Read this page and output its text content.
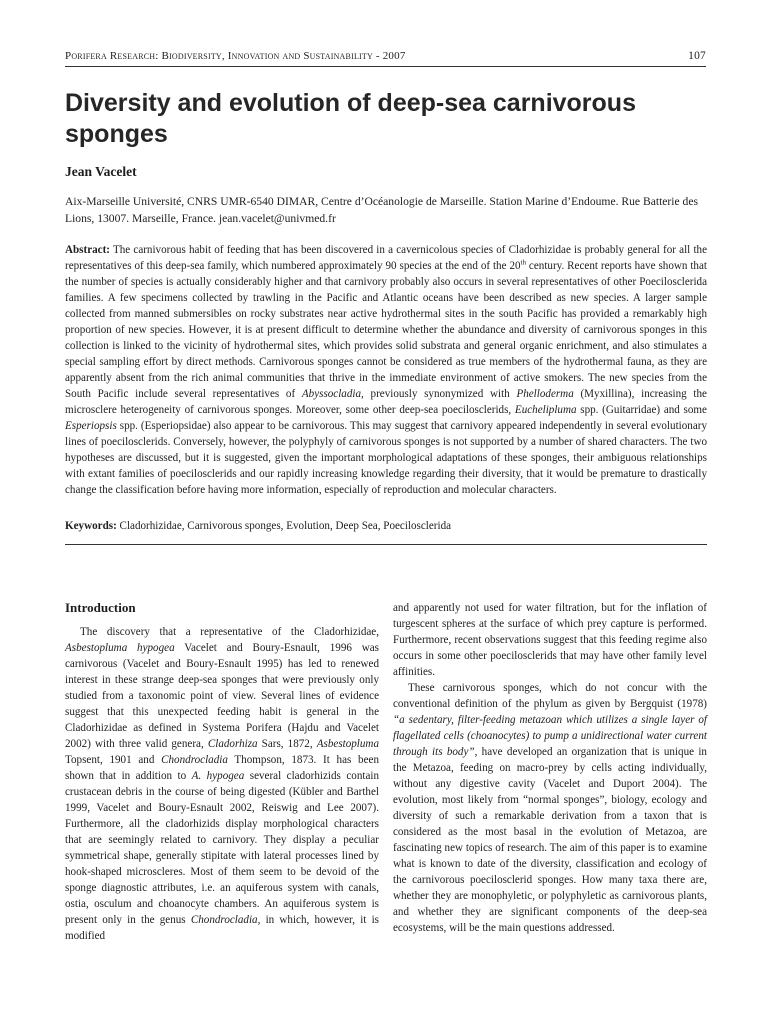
Porifera Research: Biodiversity, Innovation and Sustainability - 2007	107
Diversity and evolution of deep-sea carnivorous sponges

Jean Vacelet

Aix-Marseille Université, CNRS UMR-6540 DIMAR, Centre d’Océanologie de Marseille. Station Marine d’Endoume. Rue Batterie des Lions, 13007. Marseille, France. jean.vacelet@univmed.fr

Abstract: The carnivorous habit of feeding that has been discovered in a cavernicolous species of Cladorhizidae is probably general for all the representatives of this deep-sea family, which numbered approximately 90 species at the end of the 20th century. Recent reports have shown that the number of species is actually considerably higher and that carnivory probably also occurs in several representatives of other Poecilosclerida families. A few specimens collected by trawling in the Pacific and Atlantic oceans have been described as new species. A larger sample collected from manned submersibles on rocky substrates near active hydrothermal sites in the south Pacific has provided a remarkably high proportion of new species. However, it is at present difficult to determine whether the abundance and diversity of carnivorous sponges in this collection is linked to the vicinity of hydrothermal sites, which provides solid substrata and general organic enrichment, and also stimulates a special sampling effort by direct methods. Carnivorous sponges cannot be considered as true members of the hydrothermal fauna, as they are apparently absent from the rich animal communities that thrive in the immediate environment of active smokers. The new species from the South Pacific include several representatives of Abyssocladia, previously synonymized with Phelloderma (Myxillina), increasing the microsclere heterogeneity of carnivorous sponges. Moreover, some other deep-sea poecilosclerids, Euchelipluma spp. (Guitarridae) and some Esperiopsis spp. (Esperiopsidae) also appear to be carnivorous. This may suggest that carnivory appeared independently in several evolutionary lines of poecilosclerids. Conversely, however, the polyphyly of carnivorous sponges is not supported by a number of shared characters. The two hypotheses are discussed, but it is suggested, given the important morphological adaptations of these sponges, their ambiguous relationships with extant families of poecilosclerids and our rapidly increasing knowledge regarding their diversity, that it would be premature to drastically change the classification before having more information, especially of reproduction and molecular characters.

Keywords: Cladorhizidae, Carnivorous sponges, Evolution, Deep Sea, Poecilosclerida

Introduction

The discovery that a representative of the Cladorhizidae, Asbestopluma hypogea Vacelet and Boury-Esnault, 1996 was carnivorous (Vacelet and Boury-Esnault 1995) has led to renewed interest in these strange deep-sea sponges that were previously only studied from a taxonomic point of view. Several lines of evidence suggest that this unexpected feeding habit is general in the Cladorhizidae as defined in Systema Porifera (Hajdu and Vacelet 2002) with three valid genera, Cladorhiza Sars, 1872, Asbestopluma Topsent, 1901 and Chondrocladia Thompson, 1873. It has been shown that in addition to A. hypogea several cladorhizids contain crustacean debris in the course of being digested (Kübler and Barthel 1999, Vacelet and Boury-Esnault 2002, Reiswig and Lee 2007). Furthermore, all the cladorhizids display morphological characters that are seemingly related to carnivory. They display a peculiar symmetrical shape, generally stipitate with lateral processes lined by hook-shaped microscleres. Most of them seem to be devoid of the sponge diagnostic attributes, i.e. an aquiferous system with canals, ostia, osculum and choanocyte chambers. An aquiferous system is present only in the genus Chondrocladia, in which, however, it is modified

and apparently not used for water filtration, but for the inflation of turgescent spheres at the surface of which prey capture is performed. Furthermore, recent observations suggest that this feeding regime also occurs in some other poecilosclerids that may have other family level affinities.

These carnivorous sponges, which do not concur with the conventional definition of the phylum as given by Bergquist (1978) “a sedentary, filter-feeding metazoan which utilizes a single layer of flagellated cells (choanocytes) to pump a unidirectional water current through its body”, have developed an organization that is unique in the Metazoa, feeding on macro-prey by cells acting individually, without any digestive cavity (Vacelet and Duport 2004). The evolution, most likely from “normal sponges”, biology, ecology and diversity of such a remarkable derivation from a taxon that is considered as the most basal in the evolution of Metazoa, are fascinating new topics of research. The aim of this paper is to examine what is known to date of the diversity, classification and ecology of the carnivorous poecilosclerid sponges. How many taxa there are, whether they are monophyletic, or polyphyletic as carnivorous plants, and whether they are significant components of the deep-sea ecosystems, will be the main questions addressed.
